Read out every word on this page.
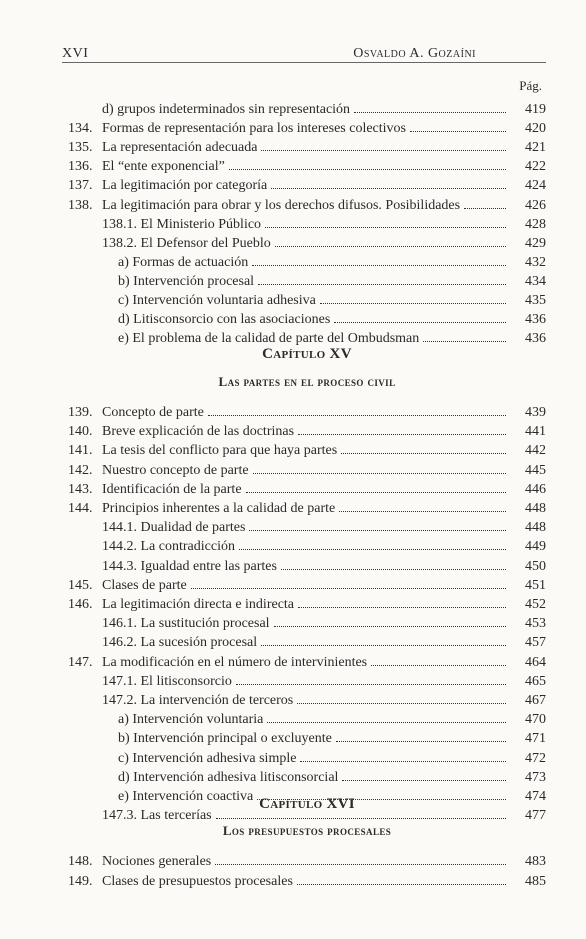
XVI	Osvaldo A. Gozaíni
Pág.
Capítulo XV
Las partes en el proceso civil
Capítulo XVI
Los presupuestos procesales
d) grupos indeterminados sin representación	419
134. Formas de representación para los intereses colectivos	420
135. La representación adecuada	421
136. El “ente exponencial”	422
137. La legitimación por categoría	424
138. La legitimación para obrar y los derechos difusos. Posibilidades	426
138.1. El Ministerio Público	428
138.2. El Defensor del Pueblo	429
a) Formas de actuación	432
b) Intervención procesal	434
c) Intervención voluntaria adhesiva	435
d) Litisconsorcio con las asociaciones	436
e) El problema de la calidad de parte del Ombudsman	436
139. Concepto de parte	439
140. Breve explicación de las doctrinas	441
141. La tesis del conflicto para que haya partes	442
142. Nuestro concepto de parte	445
143. Identificación de la parte	446
144. Principios inherentes a la calidad de parte	448
144.1. Dualidad de partes	448
144.2. La contradicción	449
144.3. Igualdad entre las partes	450
145. Clases de parte	451
146. La legitimación directa e indirecta	452
146.1. La sustitución procesal	453
146.2. La sucesión procesal	457
147. La modificación en el número de intervinientes	464
147.1. El litisconsorcio	465
147.2. La intervención de terceros	467
a) Intervención voluntaria	470
b) Intervención principal o excluyente	471
c) Intervención adhesiva simple	472
d) Intervención adhesiva litisconsorcial	473
e) Intervención coactiva	474
147.3. Las tercerías	477
148. Nociones generales	483
149. Clases de presupuestos procesales	485
